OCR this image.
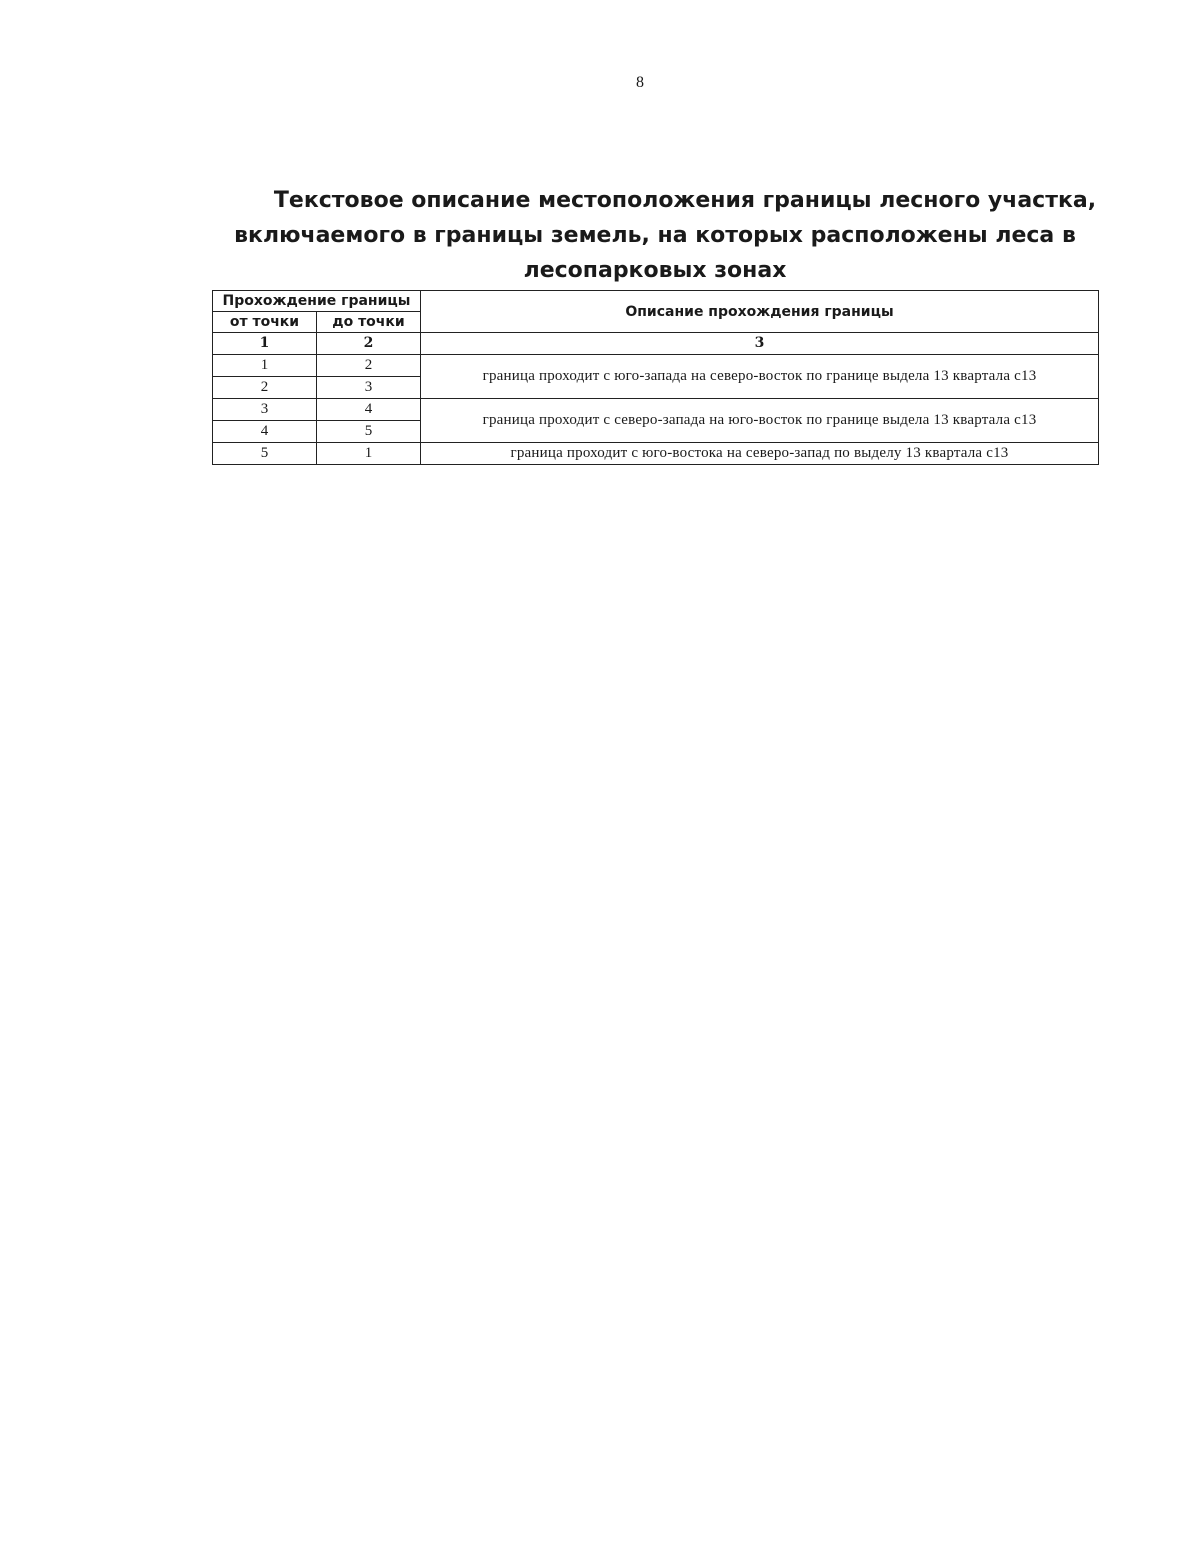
8
Текстовое описание местоположения границы лесного участка,
включаемого в границы земель, на которых расположены леса в
лесопарковых зонах
Прохождение границы		Описание прохождения границы
от точки	до точки	
1	2	3
1	2	граница проходит с юго-запада на северо-восток по границе выдела 13 квартала с13
2	3	
3	4	граница проходит с северо-запада на юго-восток по границе выдела 13 квартала с13
4	5	
5	1	граница проходит с юго-востока на северо-запад по выделу 13 квартала с13
